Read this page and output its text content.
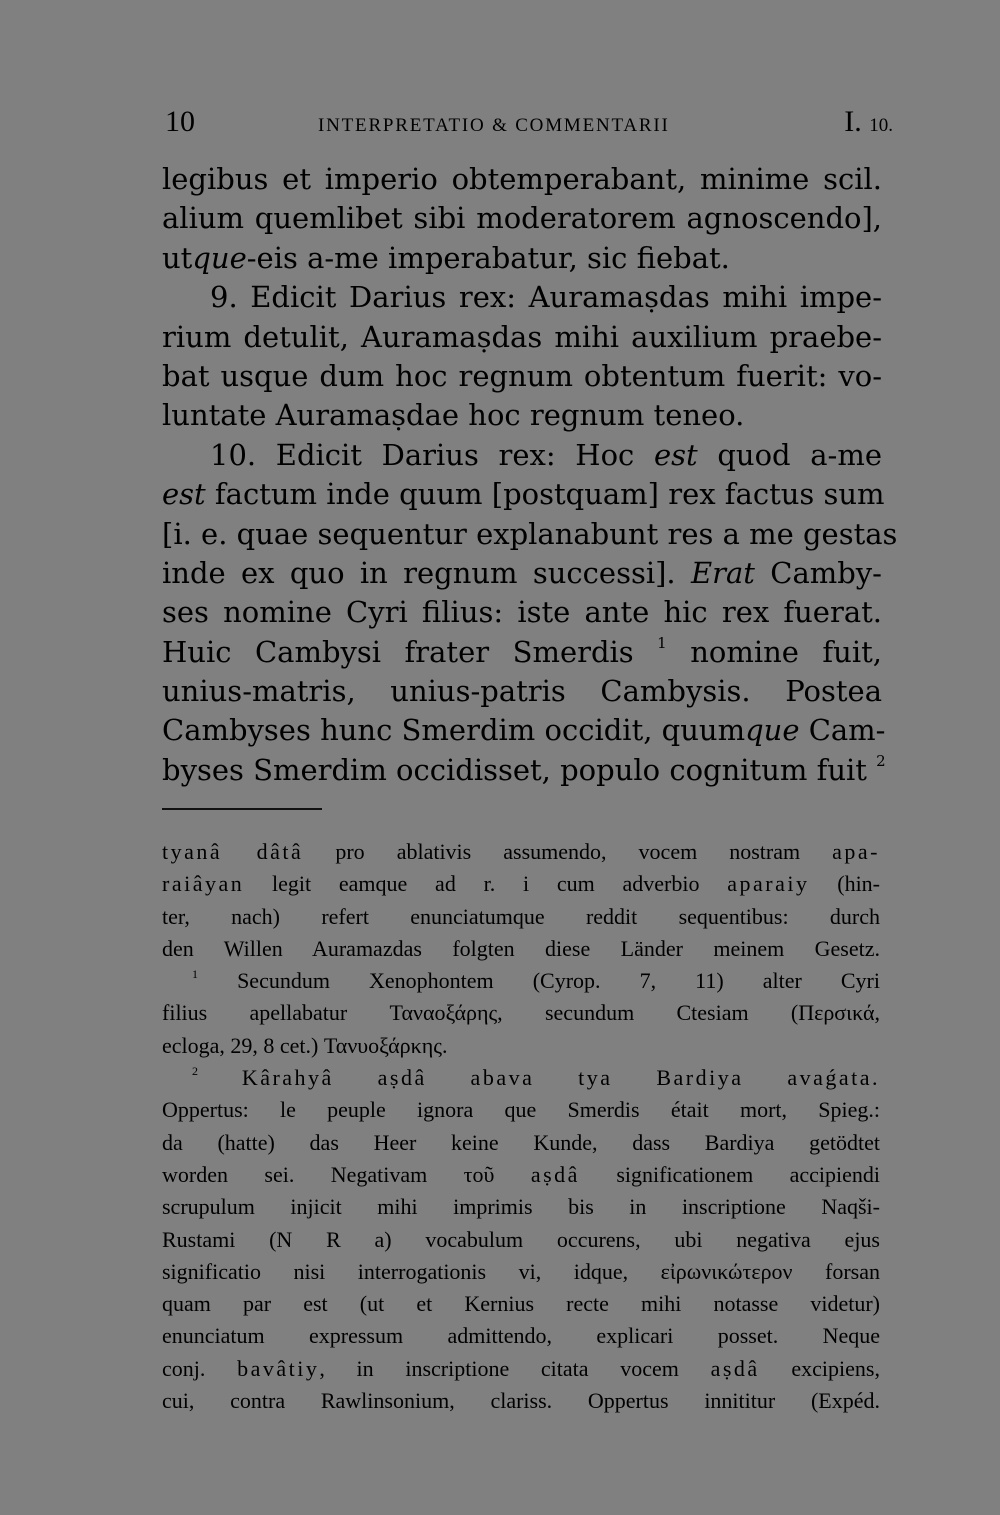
10	INTERPRETATIO & COMMENTARII	I. 10.
legibus et imperio obtemperabant, minime scil.
alium quemlibet sibi moderatorem agnoscendo],
utque-eis a-me imperabatur, sic fiebat.
9. Edicit Darius rex: Auramaṣdas mihi impe-
rium detulit, Auramaṣdas mihi auxilium praebe-
bat usque dum hoc regnum obtentum fuerit: vo-
luntate Auramaṣdae hoc regnum teneo.
10. Edicit Darius rex: Hoc est quod a-me
est factum inde quum [postquam] rex factus sum
[i. e. quae sequentur explanabunt res a me gestas
inde ex quo in regnum successi]. Erat Camby-
ses nomine Cyri filius: iste ante hic rex fuerat.
Huic Cambysi frater Smerdis $^1$ nomine fuit,
unius-matris, unius-patris Cambysis. Postea
Cambyses hunc Smerdim occidit, quumque Cam-
byses Smerdim occidisset, populo cognitum fuit $^2$
tyanâ dâtâ pro ablativis assumendo, vocem nostram apa-
raiâyan legit eamque ad r. i cum adverbio aparaiy (hin-
ter, nach) refert enunciatumque reddit sequentibus: durch
den Willen Auramazdas folgten diese Länder meinem Gesetz.
$^1$ Secundum Xenophontem (Cyrop. 7, 11) alter Cyri
filius apellabatur Ταναοξάρης, secundum Ctesiam (Περσικά,
ecloga, 29, 8 cet.) Τανυοξάρκης.
$^2$ Kârahyâ aṣdâ abava tya Bardiya avaǵata.
Oppertus: le peuple ignora que Smerdis était mort, Spieg.:
da (hatte) das Heer keine Kunde, dass Bardiya getödtet
worden sei. Negativam τοῦ aṣdâ significationem accipiendi
scrupulum injicit mihi imprimis bis in inscriptione Naqši-
Rustami (N R a) vocabulum occurens, ubi negativa ejus
significatio nisi interrogationis vi, idque, εἰρωνικώτερον forsan
quam par est (ut et Kernius recte mihi notasse videtur)
enunciatum expressum admittendo, explicari posset. Neque
conj. bavâtiy, in inscriptione citata vocem aṣdâ excipiens,
cui, contra Rawlinsonium, clariss. Oppertus innititur (Expéd.
